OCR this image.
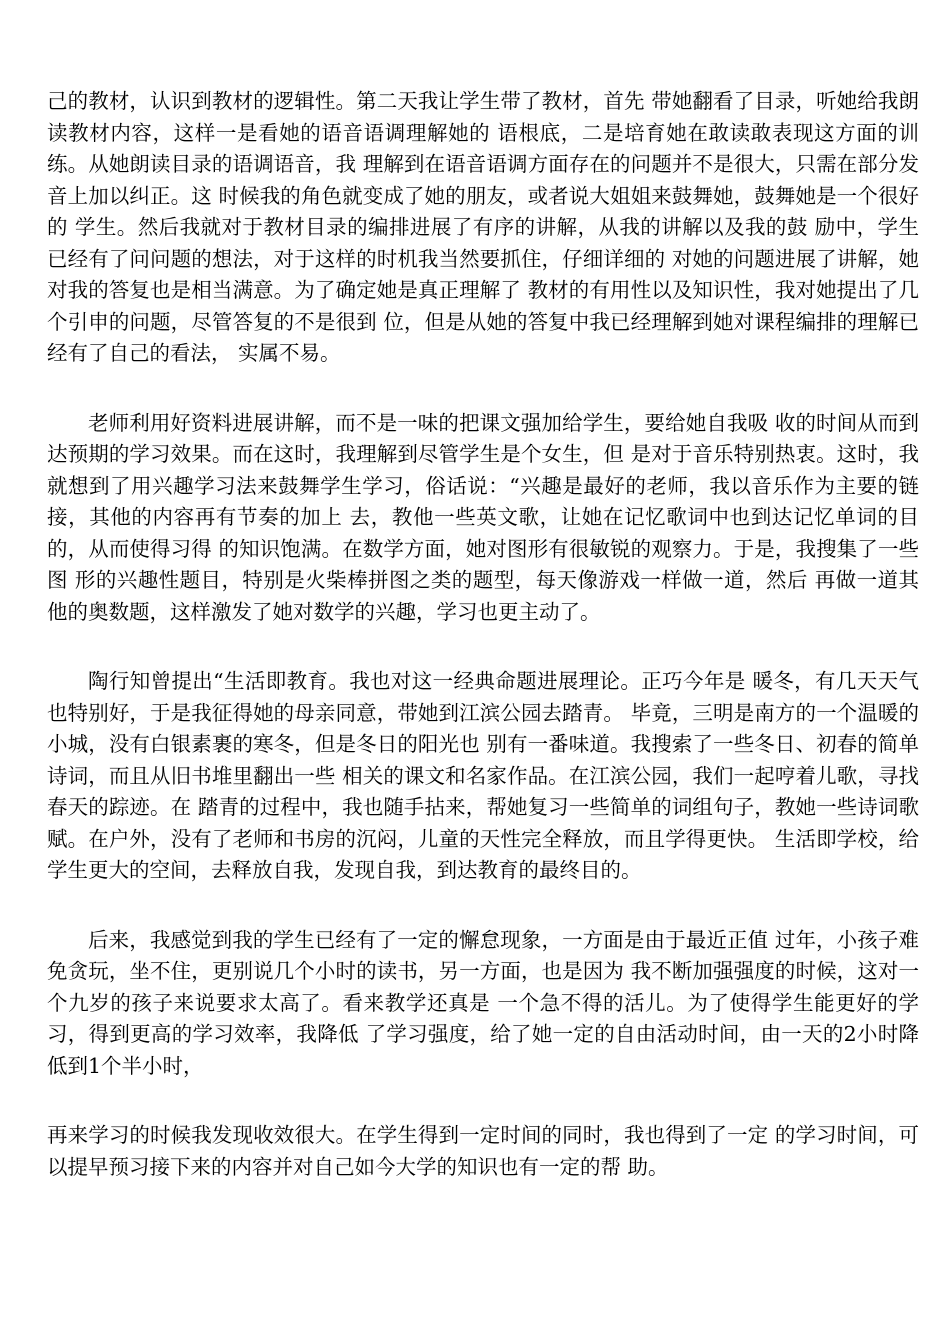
己的教材，认识到教材的逻辑性。第二天我让学生带了教材，首先 带她翻看了目录，听她给我朗读教材内容，这样一是看她的语音语调理解她的 语根底，二是培育她在敢读敢表现这方面的训练。从她朗读目录的语调语音，我 理解到在语音语调方面存在的问题并不是很大，只需在部分发音上加以纠正。这 时候我的角色就变成了她的朋友，或者说大姐姐来鼓舞她，鼓舞她是一个很好的 学生。然后我就对于教材目录的编排进展了有序的讲解，从我的讲解以及我的鼓 励中，学生已经有了问问题的想法，对于这样的时机我当然要抓住，仔细详细的 对她的问题进展了讲解，她对我的答复也是相当满意。为了确定她是真正理解了 教材的有用性以及知识性，我对她提出了几个引申的问题，尽管答复的不是很到 位，但是从她的答复中我已经理解到她对课程编排的理解已经有了自己的看法， 实属不易。

老师利用好资料进展讲解，而不是一味的把课文强加给学生，要给她自我吸 收的时间从而到达预期的学习效果。而在这时，我理解到尽管学生是个女生，但 是对于音乐特别热衷。这时，我就想到了用兴趣学习法来鼓舞学生学习，俗话说：“兴趣是最好的老师，我以音乐作为主要的链接，其他的内容再有节奏的加上 去，教他一些英文歌，让她在记忆歌词中也到达记忆单词的目的，从而使得习得 的知识饱满。在数学方面，她对图形有很敏锐的观察力。于是，我搜集了一些图 形的兴趣性题目，特别是火柴棒拼图之类的题型，每天像游戏一样做一道，然后 再做一道其他的奥数题，这样激发了她对数学的兴趣，学习也更主动了。

陶行知曾提出“生活即教育。我也对这一经典命题进展理论。正巧今年是 暖冬，有几天天气也特别好，于是我征得她的母亲同意，带她到江滨公园去踏青。 毕竟，三明是南方的一个温暖的小城，没有白银素裹的寒冬，但是冬日的阳光也 别有一番味道。我搜索了一些冬日、初春的简单诗词，而且从旧书堆里翻出一些 相关的课文和名家作品。在江滨公园，我们一起哼着儿歌，寻找春天的踪迹。在 踏青的过程中，我也随手拈来，帮她复习一些简单的词组句子，教她一些诗词歌 赋。在户外，没有了老师和书房的沉闷，儿童的天性完全释放，而且学得更快。 生活即学校，给学生更大的空间，去释放自我，发现自我，到达教育的最终目的。

后来，我感觉到我的学生已经有了一定的懈怠现象，一方面是由于最近正值 过年，小孩子难免贪玩，坐不住，更别说几个小时的读书，另一方面，也是因为 我不断加强强度的时候，这对一个九岁的孩子来说要求太高了。看来教学还真是 一个急不得的活儿。为了使得学生能更好的学习，得到更高的学习效率，我降低 了学习强度，给了她一定的自由活动时间，由一天的2小时降低到1个半小时，

再来学习的时候我发现收效很大。在学生得到一定时间的同时，我也得到了一定 的学习时间，可以提早预习接下来的内容并对自己如今大学的知识也有一定的帮 助。
